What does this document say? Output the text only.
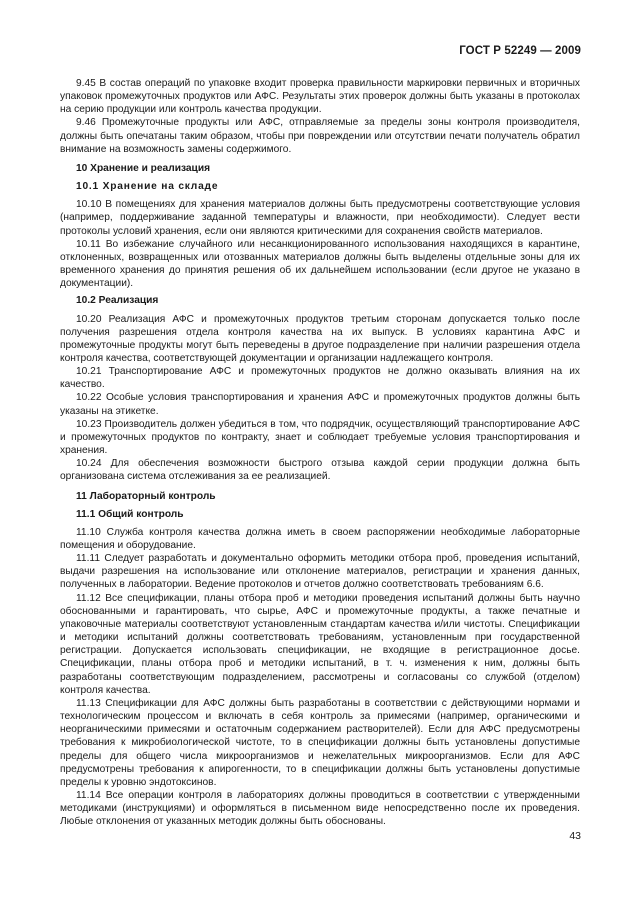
ГОСТ Р 52249 — 2009

9.45 В состав операций по упаковке входит проверка правильности маркировки первичных и вторичных упаковок промежуточных продуктов или АФС. Результаты этих проверок должны быть указаны в протоколах на серию продукции или контроль качества продукции.

9.46 Промежуточные продукты или АФС, отправляемые за пределы зоны контроля производителя, должны быть опечатаны таким образом, чтобы при повреждении или отсутствии печати получатель обратил внимание на возможность замены содержимого.

10 Хранение и реализация

10.1 Хранение на складе

10.10 В помещениях для хранения материалов должны быть предусмотрены соответствующие условия (например, поддерживание заданной температуры и влажности, при необходимости). Следует вести протоколы условий хранения, если они являются критическими для сохранения свойств материалов.

10.11 Во избежание случайного или несанкционированного использования находящихся в карантине, отклоненных, возвращенных или отозванных материалов должны быть выделены отдельные зоны для их временного хранения до принятия решения об их дальнейшем использовании (если другое не указано в документации).

10.2 Реализация

10.20 Реализация АФС и промежуточных продуктов третьим сторонам допускается только после получения разрешения отдела контроля качества на их выпуск. В условиях карантина АФС и промежуточные продукты могут быть переведены в другое подразделение при наличии разрешения отдела контроля качества, соответствующей документации и организации надлежащего контроля.

10.21 Транспортирование АФС и промежуточных продуктов не должно оказывать влияния на их качество.

10.22 Особые условия транспортирования и хранения АФС и промежуточных продуктов должны быть указаны на этикетке.

10.23 Производитель должен убедиться в том, что подрядчик, осуществляющий транспортирование АФС и промежуточных продуктов по контракту, знает и соблюдает требуемые условия транспортирования и хранения.

10.24 Для обеспечения возможности быстрого отзыва каждой серии продукции должна быть организована система отслеживания за ее реализацией.

11 Лабораторный контроль

11.1 Общий контроль

11.10 Служба контроля качества должна иметь в своем распоряжении необходимые лабораторные помещения и оборудование.

11.11 Следует разработать и документально оформить методики отбора проб, проведения испытаний, выдачи разрешения на использование или отклонение материалов, регистрации и хранения данных, полученных в лаборатории. Ведение протоколов и отчетов должно соответствовать требованиям 6.6.

11.12 Все спецификации, планы отбора проб и методики проведения испытаний должны быть научно обоснованными и гарантировать, что сырье, АФС и промежуточные продукты, а также печатные и упаковочные материалы соответствуют установленным стандартам качества и/или чистоты. Спецификации и методики испытаний должны соответствовать требованиям, установленным при государственной регистрации. Допускается использовать спецификации, не входящие в регистрационное досье. Спецификации, планы отбора проб и методики испытаний, в т. ч. изменения к ним, должны быть разработаны соответствующим подразделением, рассмотрены и согласованы со службой (отделом) контроля качества.

11.13 Спецификации для АФС должны быть разработаны в соответствии с действующими нормами и технологическим процессом и включать в себя контроль за примесями (например, органическими и неорганическими примесями и остаточным содержанием растворителей). Если для АФС предусмотрены требования к микробиологической чистоте, то в спецификации должны быть установлены допустимые пределы для общего числа микроорганизмов и нежелательных микроорганизмов. Если для АФС предусмотрены требования к апирогенности, то в спецификации должны быть установлены допустимые пределы к уровню эндотоксинов.

11.14 Все операции контроля в лабораториях должны проводиться в соответствии с утвержденными методиками (инструкциями) и оформляться в письменном виде непосредственно после их проведения. Любые отклонения от указанных методик должны быть обоснованы.

43
